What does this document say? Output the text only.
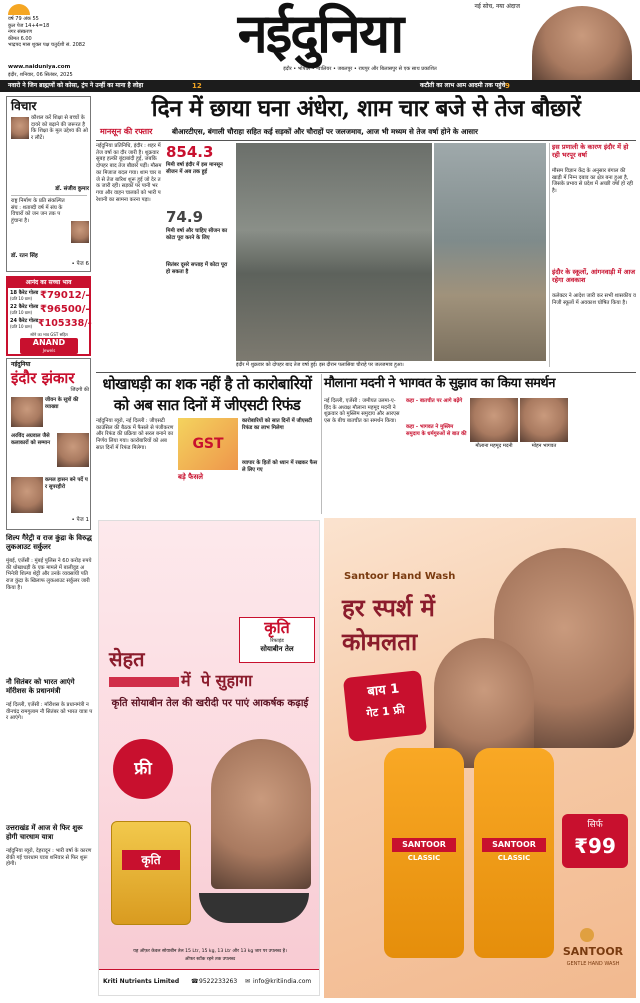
वर्ष 79 अंक 55
कुल पेज 14+4=18
नगर संस्करण
कीमत 6.00
भाद्रपद मास शुक्ल पक्ष चतुर्दशी सं. 2082	नईदुनिया	नई सोच, नया अंदाज
www.naiduniya.com
इंदौर, शनिवार, 06 सितंबर, 2025
इंदौर • भोपाल • ग्वालियर • जबलपुर • रायपुर और बिलासपुर से एक साथ प्रकाशित
नवारो ने जिन ब्राह्मणों को कोसा, ट्रंप ने उन्हीं का माना है लोहा	12	कटौती का लाभ आम आदमी तक पहुंचे 9
विचार
कौशल करें शिक्षा से बच्चों के दायरे को बढ़ाने की जरूरत है कि शिक्षा के मूल उद्देश्य की ओर लौटें।
डॉ. संजीव कुमार
राष्ट्र निर्माण के प्रति संकल्पित संघ : शताब्दी वर्ष में संघ के विचारों को जन जन तक पहुंचाना है।
डॉ. रतन सिंह
• पेज 6
आनंद का सच्चा भाव
18 कैरेट गोल्ड
(प्रति 10 ग्राम) ₹79012/-
22 कैरेट गोल्ड
(प्रति 10 ग्राम) ₹96500/-
24 कैरेट गोल्ड
(प्रति 10 ग्राम) ₹105338/-
सोने का भाव GST सहित
ANAND
Jewels
दिन में छाया घना अंधेरा, शाम चार बजे से तेज बौछारें
मानसून की रफ्तार	बीआरटीएस, बंगाली चौराहा सहित कई सड़कों और चौराहों पर जलजमाव, आज भी मध्यम से तेज वर्षा होने के आसार
नईदुनिया प्रतिनिधि, इंदौर : शहर में तेज वर्षा का दौर जारी है। शुक्रवार सुबह हल्की बूंदाबांदी हुई, जबकि दोपहर बाद तेज बौछारें पड़ीं। मौसम का मिजाज बदल गया। शाम चार बजे से तेज बारिश शुरू हुई जो देर तक जारी रही। सड़कों पर पानी भर गया और वाहन चालकों को भारी परेशानी का सामना करना पड़ा।
854.3
मिमी वर्षा इंदौर में इस मानसून सीजन में अब तक हुई
74.9
मिमी वर्षा और चाहिए सीजन का कोटा पूरा करने के लिए
सितंबर दूसरे सप्ताह में कोटा पूरा हो सकता है
इंदौर में शुक्रवार को दोपहर बाद तेज वर्षा हुई। इस दौरान पलासिया चौराहे पर जलजमाव हुआ।
इस प्रणाली के कारण इंदौर में हो रही भरपूर वर्षा
मौसम विज्ञान केंद्र के अनुसार बंगाल की खाड़ी में निम्न दबाव का क्षेत्र बना हुआ है, जिसके प्रभाव से प्रदेश में अच्छी वर्षा हो रही है।
इंदौर के स्कूलों, आंगनवाड़ी में आज रहेगा अवकाश
कलेक्टर ने आदेश जारी कर सभी शासकीय व निजी स्कूलों में अवकाश घोषित किया है।
नईदुनिया
इंदौर झंकार
जिंदगी की
जीवन के सूत्रों की व्याख्या
अरविंद अग्रवाल जैसे कलाकारों को सम्मान
कमल हासन बने पर्दे पर सुपरहीरो
• पेज 1
धोखाधड़ी का शक नहीं है तो कारोबारियों को अब सात दिनों में जीएसटी रिफंड
नईदुनिया ब्यूरो, नई दिल्ली : जीएसटी काउंसिल की बैठक में फैसले से पंजीकरण और रिफंड की प्रक्रिया को सरल बनाने का निर्णय लिया गया। कारोबारियों को अब सात दिनों में रिफंड मिलेगा।	GST
बड़े फैसले
कारोबारियों को सात दिनों में जीएसटी रिफंड का लाभ मिलेगा
व्यापार के हितों को ध्यान में रखकर फैसले लिए गए
मौलाना मदनी ने भागवत के सुझाव का किया समर्थन
नई दिल्ली, एजेंसी : जमीयत उलमा-ए-हिंद के अध्यक्ष मौलाना महमूद मदनी ने शुक्रवार को मुस्लिम समुदाय और आरएसएस के बीच बातचीत का समर्थन किया।
कहा - बातचीत पर आगे बढ़ेंगे
मौलाना महमूद मदनी	मोहन भागवत
कहा - भागवत ने मुस्लिम समुदाय के धर्मगुरुओं से बात की
शिल्प गैरेट्री व राज कुंद्रा के विरुद्ध लुकआउट सर्कुलर
मुंबई, एजेंसी : मुंबई पुलिस ने 60 करोड़ रुपये की धोखाधड़ी के एक मामले में बालीवुड अभिनेत्री शिल्पा शेट्टी और उनके व्यवसायी पति राज कुंद्रा के खिलाफ लुकआउट सर्कुलर जारी किया है।
नौ सितंबर को भारत आएंगे मॉरीशस के प्रधानमंत्री
नई दिल्ली, एजेंसी : मॉरीशस के प्रधानमंत्री नवीनचंद्र रामगुलाम नौ सितंबर को भारत यात्रा पर आएंगे।
उत्तराखंड में आज से फिर शुरू होगी चारधाम यात्रा
नईदुनिया ब्यूरो, देहरादून : भारी वर्षा के कारण रोकी गई चारधाम यात्रा शनिवार से फिर शुरू होगी।
सेहत
में पे सुहागा
कृति
रिफाइंड
सोयाबीन तेल
कृति सोयाबीन तेल की खरीदी पर पाएं आकर्षक कढ़ाई
फ्री
कृति
यह ऑफ़र केवल सोयाबीन तेल 15 Ltr, 15 kg, 13 Ltr और 13 kg जार पर उपलब्ध है।
ऑफर स्टॉक रहने तक उपलब्ध
Kriti Nutrients Limited	☎ 9522233263	✉ info@kritiindia.com
Santoor Hand Wash
हर स्पर्श में
कोमलता
बाय 1
गेट 1 फ्री
SANTOOR
CLASSIC
SANTOOR
CLASSIC
सिर्फ
₹99
SANTOOR
GENTLE HAND WASH
